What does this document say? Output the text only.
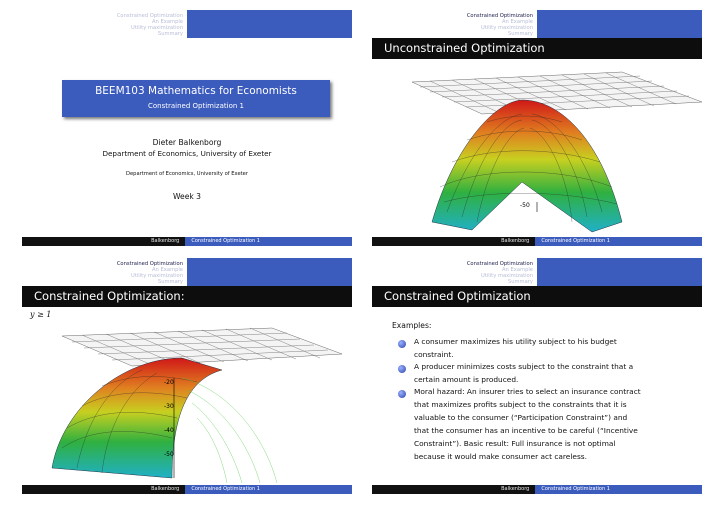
Constrained Optimization
An Example
Utility maximization
Summary
BEEM103 Mathematics for Economists
Constrained Optimization 1
Dieter Balkenborg
Department of Economics, University of Exeter
Department of Economics, University of Exeter
Week 3
Balkenborg	Constrained Optimization 1
Constrained Optimization
An Example
Utility maximization
Summary
Unconstrained Optimization
-50
Balkenborg	Constrained Optimization 1
Constrained Optimization
An Example
Utility maximization
Summary
Constrained Optimization:
y ≥ 1
-20
-30
-40
-50
Balkenborg	Constrained Optimization 1
Constrained Optimization
An Example
Utility maximization
Summary
Constrained Optimization
Examples:
A consumer maximizes his utility subject to his budget
constraint.
A producer minimizes costs subject to the constraint that a
certain amount is produced.
Moral hazard: An insurer tries to select an insurance contract
that maximizes profits subject to the constraints that it is
valuable to the consumer (“Participation Constraint”) and
that the consumer has an incentive to be careful (“Incentive
Constraint”). Basic result: Full insurance is not optimal
because it would make consumer act careless.
Balkenborg	Constrained Optimization 1
